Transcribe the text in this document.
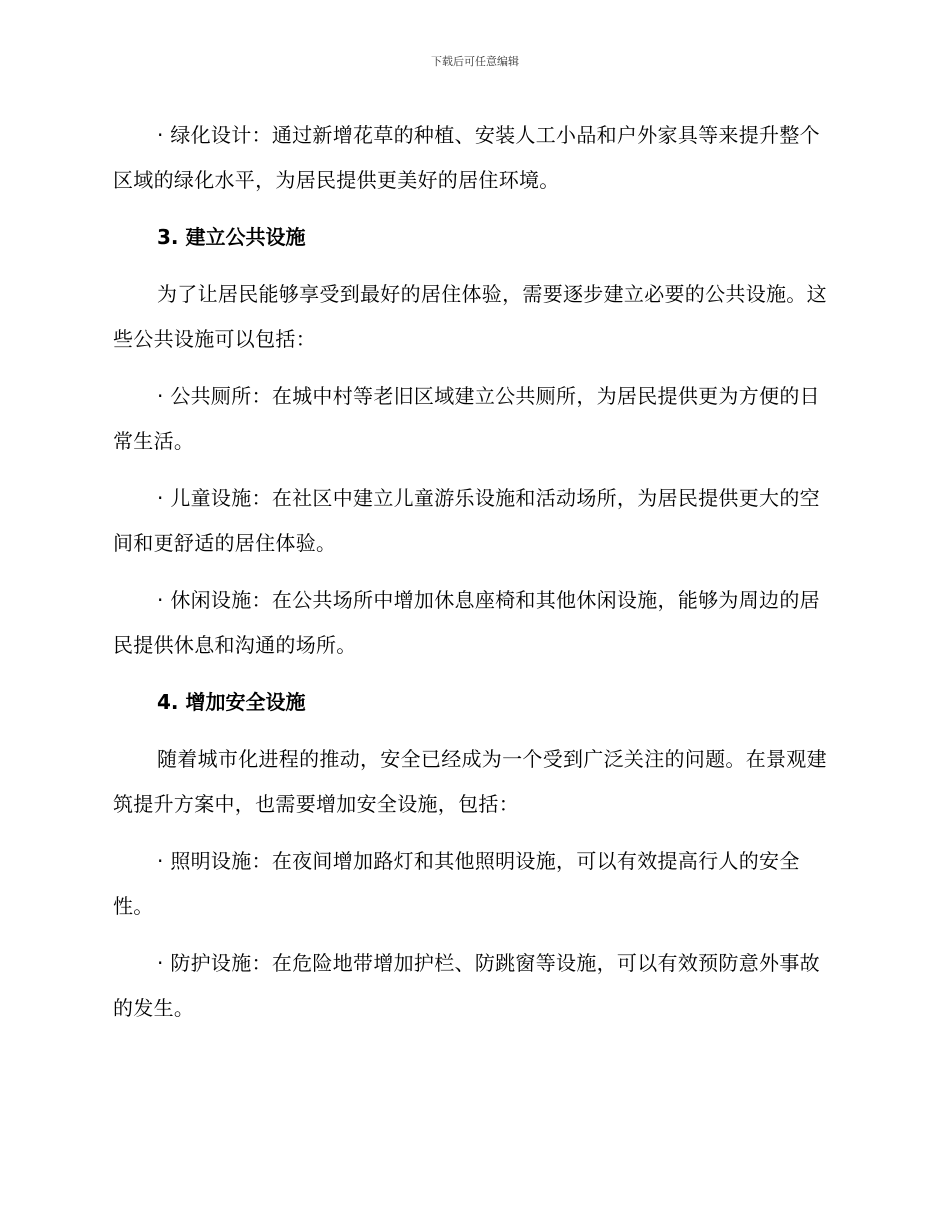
下载后可任意编辑

· 绿化设计：通过新增花草的种植、安装人工小品和户外家具等来提升整个区域的绿化水平，为居民提供更美好的居住环境。

3. 建立公共设施

为了让居民能够享受到最好的居住体验，需要逐步建立必要的公共设施。这些公共设施可以包括：

· 公共厕所：在城中村等老旧区域建立公共厕所，为居民提供更为方便的日常生活。

· 儿童设施：在社区中建立儿童游乐设施和活动场所，为居民提供更大的空间和更舒适的居住体验。

· 休闲设施：在公共场所中增加休息座椅和其他休闲设施，能够为周边的居民提供休息和沟通的场所。

4. 增加安全设施

随着城市化进程的推动，安全已经成为一个受到广泛关注的问题。在景观建筑提升方案中，也需要增加安全设施，包括：

· 照明设施：在夜间增加路灯和其他照明设施，可以有效提高行人的安全性。

· 防护设施：在危险地带增加护栏、防跳窗等设施，可以有效预防意外事故的发生。
